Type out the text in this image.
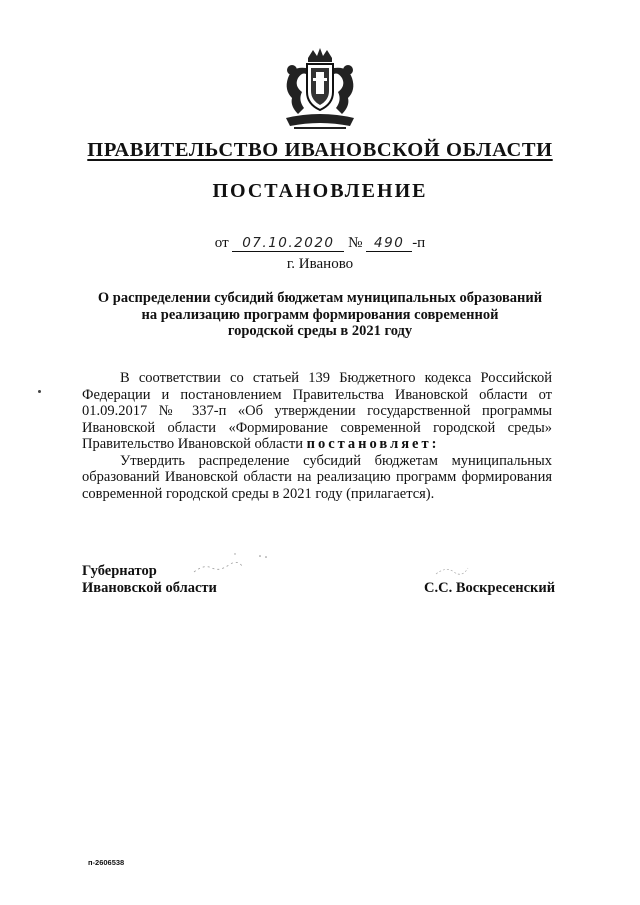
ПРАВИТЕЛЬСТВО ИВАНОВСКОЙ ОБЛАСТИ
ПОСТАНОВЛЕНИЕ
от 07.10.2020 № 490 -п
г. Иваново
О распределении субсидий бюджетам муниципальных образований
на реализацию программ формирования современной
городской среды в 2021 году

В соответствии со статьей 139 Бюджетного кодекса Российской Федерации и постановлением Правительства Ивановской области от 01.09.2017 № 337-п «Об утверждении государственной программы Ивановской области «Формирование современной городской среды» Правительство Ивановской области постановляет:

Утвердить распределение субсидий бюджетам муниципальных образований Ивановской области на реализацию программ формирования современной городской среды в 2021 году (прилагается).

Губернатор
Ивановской области	С.С. Воскресенский
п-2606538
